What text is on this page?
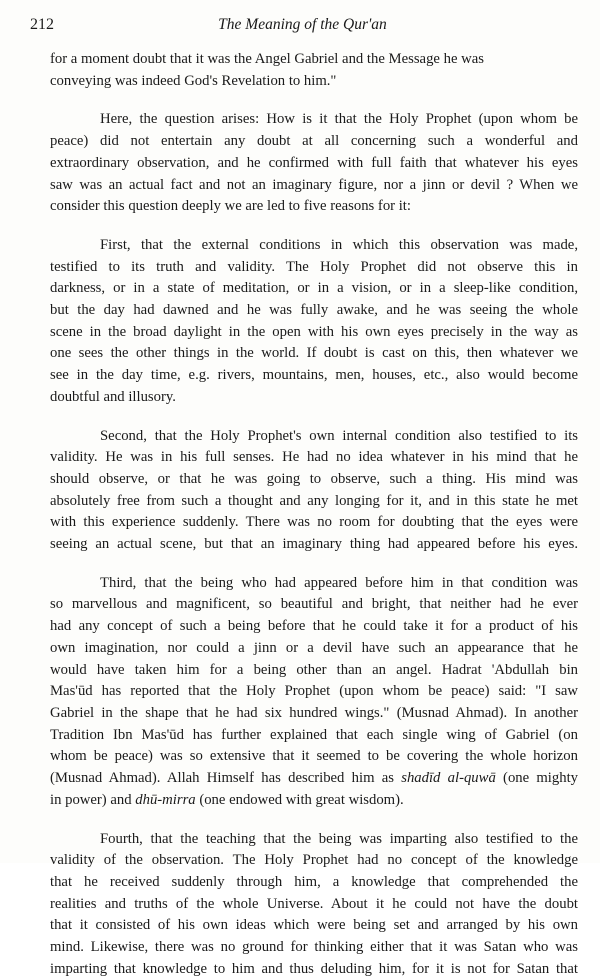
212	The Meaning of the Qur'an

for a moment doubt that it was the Angel Gabriel and the Message he was
conveying was indeed God's Revelation to him."

Here, the question arises: How is it that the Holy Prophet (upon whom be
peace) did not entertain any doubt at all concerning such a wonderful and
extraordinary observation, and he confirmed with full faith that whatever his eyes
saw was an actual fact and not an imaginary figure, nor a jinn or devil ? When we
consider this question deeply we are led to five reasons for it:

First, that the external conditions in which this observation was made,
testified to its truth and validity. The Holy Prophet did not observe this in
darkness, or in a state of meditation, or in a vision, or in a sleep-like condition,
but the day had dawned and he was fully awake, and he was seeing the whole
scene in the broad daylight in the open with his own eyes precisely in the way as
one sees the other things in the world. If doubt is cast on this, then whatever we
see in the day time, e.g. rivers, mountains, men, houses, etc., also would become
doubtful and illusory.

Second, that the Holy Prophet's own internal condition also testified to its
validity. He was in his full senses. He had no idea whatever in his mind that he
should observe, or that he was going to observe, such a thing. His mind was
absolutely free from such a thought and any longing for it, and in this state he met
with this experience suddenly. There was no room for doubting that the eyes were
seeing an actual scene, but that an imaginary thing had appeared before his eyes.

Third, that the being who had appeared before him in that condition was
so marvellous and magnificent, so beautiful and bright, that neither had he ever
had any concept of such a being before that he could take it for a product of his
own imagination, nor could a jinn or a devil have such an appearance that he
would have taken him for a being other than an angel. Hadrat 'Abdullah bin
Mas'ūd has reported that the Holy Prophet (upon whom be peace) said: "I saw
Gabriel in the shape that he had six hundred wings." (Musnad Ahmad). In another
Tradition Ibn Mas'ūd has further explained that each single wing of Gabriel (on
whom be peace) was so extensive that it seemed to be covering the whole horizon
(Musnad Ahmad). Allah Himself has described him as shadīd al-quwā (one mighty
in power) and dhū-mirra (one endowed with great wisdom).

Fourth, that the teaching that the being was imparting also testified to the
validity of the observation. The Holy Prophet had no concept of the knowledge
that he received suddenly through him, a knowledge that comprehended the
realities and truths of the whole Universe. About it he could not have the doubt
that it consisted of his own ideas which were being set and arranged by his own
mind. Likewise, there was no ground for thinking either that it was Satan who was
imparting that knowledge to him and thus deluding him, for it is not for Satan that
